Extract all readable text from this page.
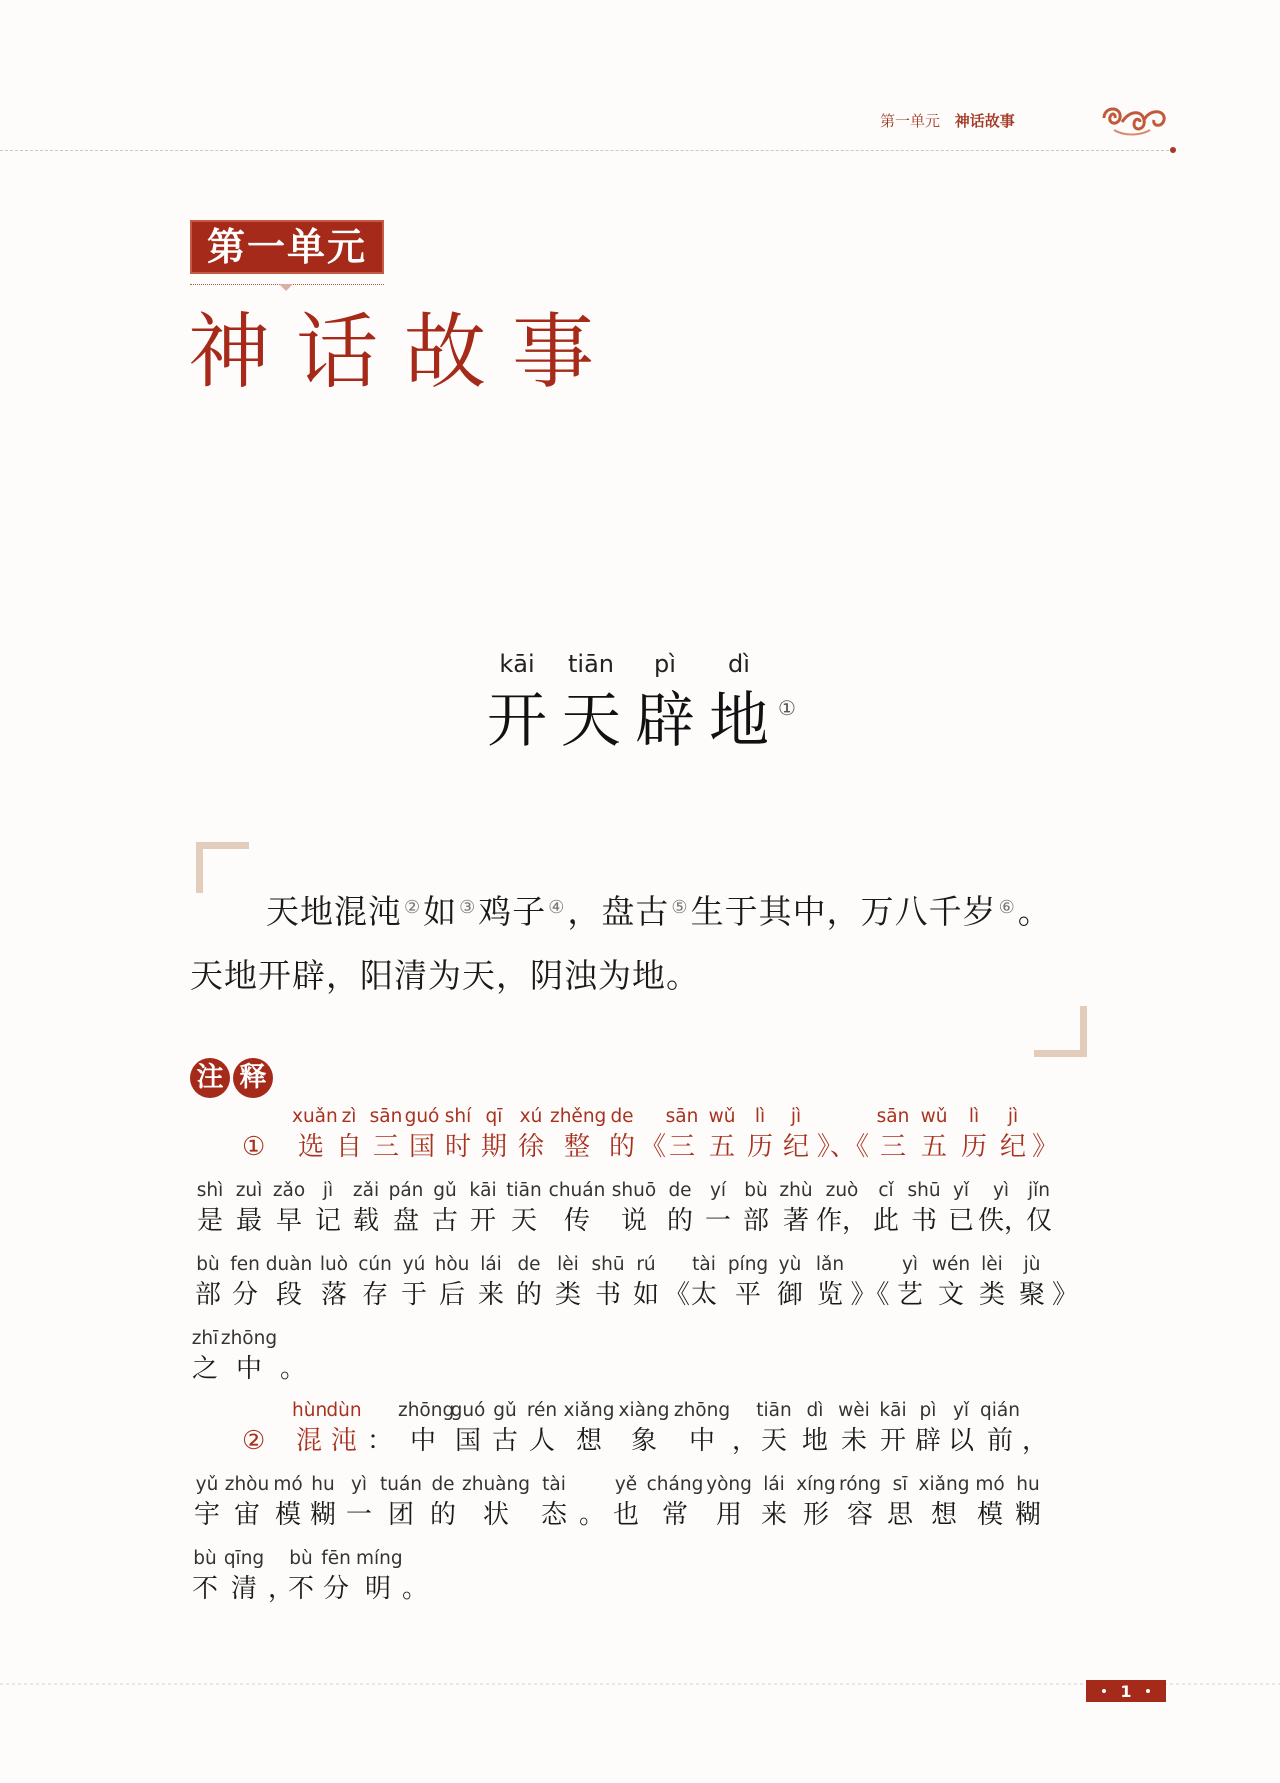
第一单元 神话故事
第一单元
神话故事
kāi
开
tiān
天
pì
辟
dì
地 ①
天地混沌 ②如 ③鸡子 ④，盘古 ⑤生于其中，万八千岁 ⑥。
天地开辟，阳清为天，阴浊为地。
注 释
①
xuǎn
选
zì
自
sān
三
guó
国
shí
时
qī
期
xú
徐
zhěng
整
de
的 《
sān
三
wǔ
五
lì
历
jì
纪 》、《
sān
三
wǔ
五
lì
历
jì
纪 》
shì
是
zuì
最
zǎo
早
jì
记
zǎi
载
pán
盘
gǔ
古
kāi
开
tiān
天
chuán
传
shuō
说
de
的
yí
一
bù
部
zhù
著
zuò
作，
cǐ
此
shū
书
yǐ
已
yì
佚，
jǐn
仅
bù
部
fen
分
duàn
段
luò
落
cún
存
yú
于
hòu
后
lái
来
de
的
lèi
类
shū
书
rú
如 《
tài
太
píng
平
yù
御
lǎn
览 》《
yì
艺
wén
文
lèi
类
jù
聚 》
zhī
之
zhōng
中 。
②
hùn
混
dùn
沌 ：
zhōng
中
guó
国
gǔ
古
rén
人
xiǎng
想
xiàng
象
zhōng
中 ，
tiān
天
dì
地
wèi
未
kāi
开
pì
辟
yǐ
以
qián
前 ，
yǔ
宇
zhòu
宙
mó
模
hu
糊
yì
一
tuán
团
de
的
zhuàng
状
tài
态 。
yě
也
cháng
常
yòng
用
lái
来
xíng
形
róng
容
sī
思
xiǎng
想
mó
模
hu
糊
bù
不
qīng
清 ，
bù
不
fēn
分
míng
明 。
1
